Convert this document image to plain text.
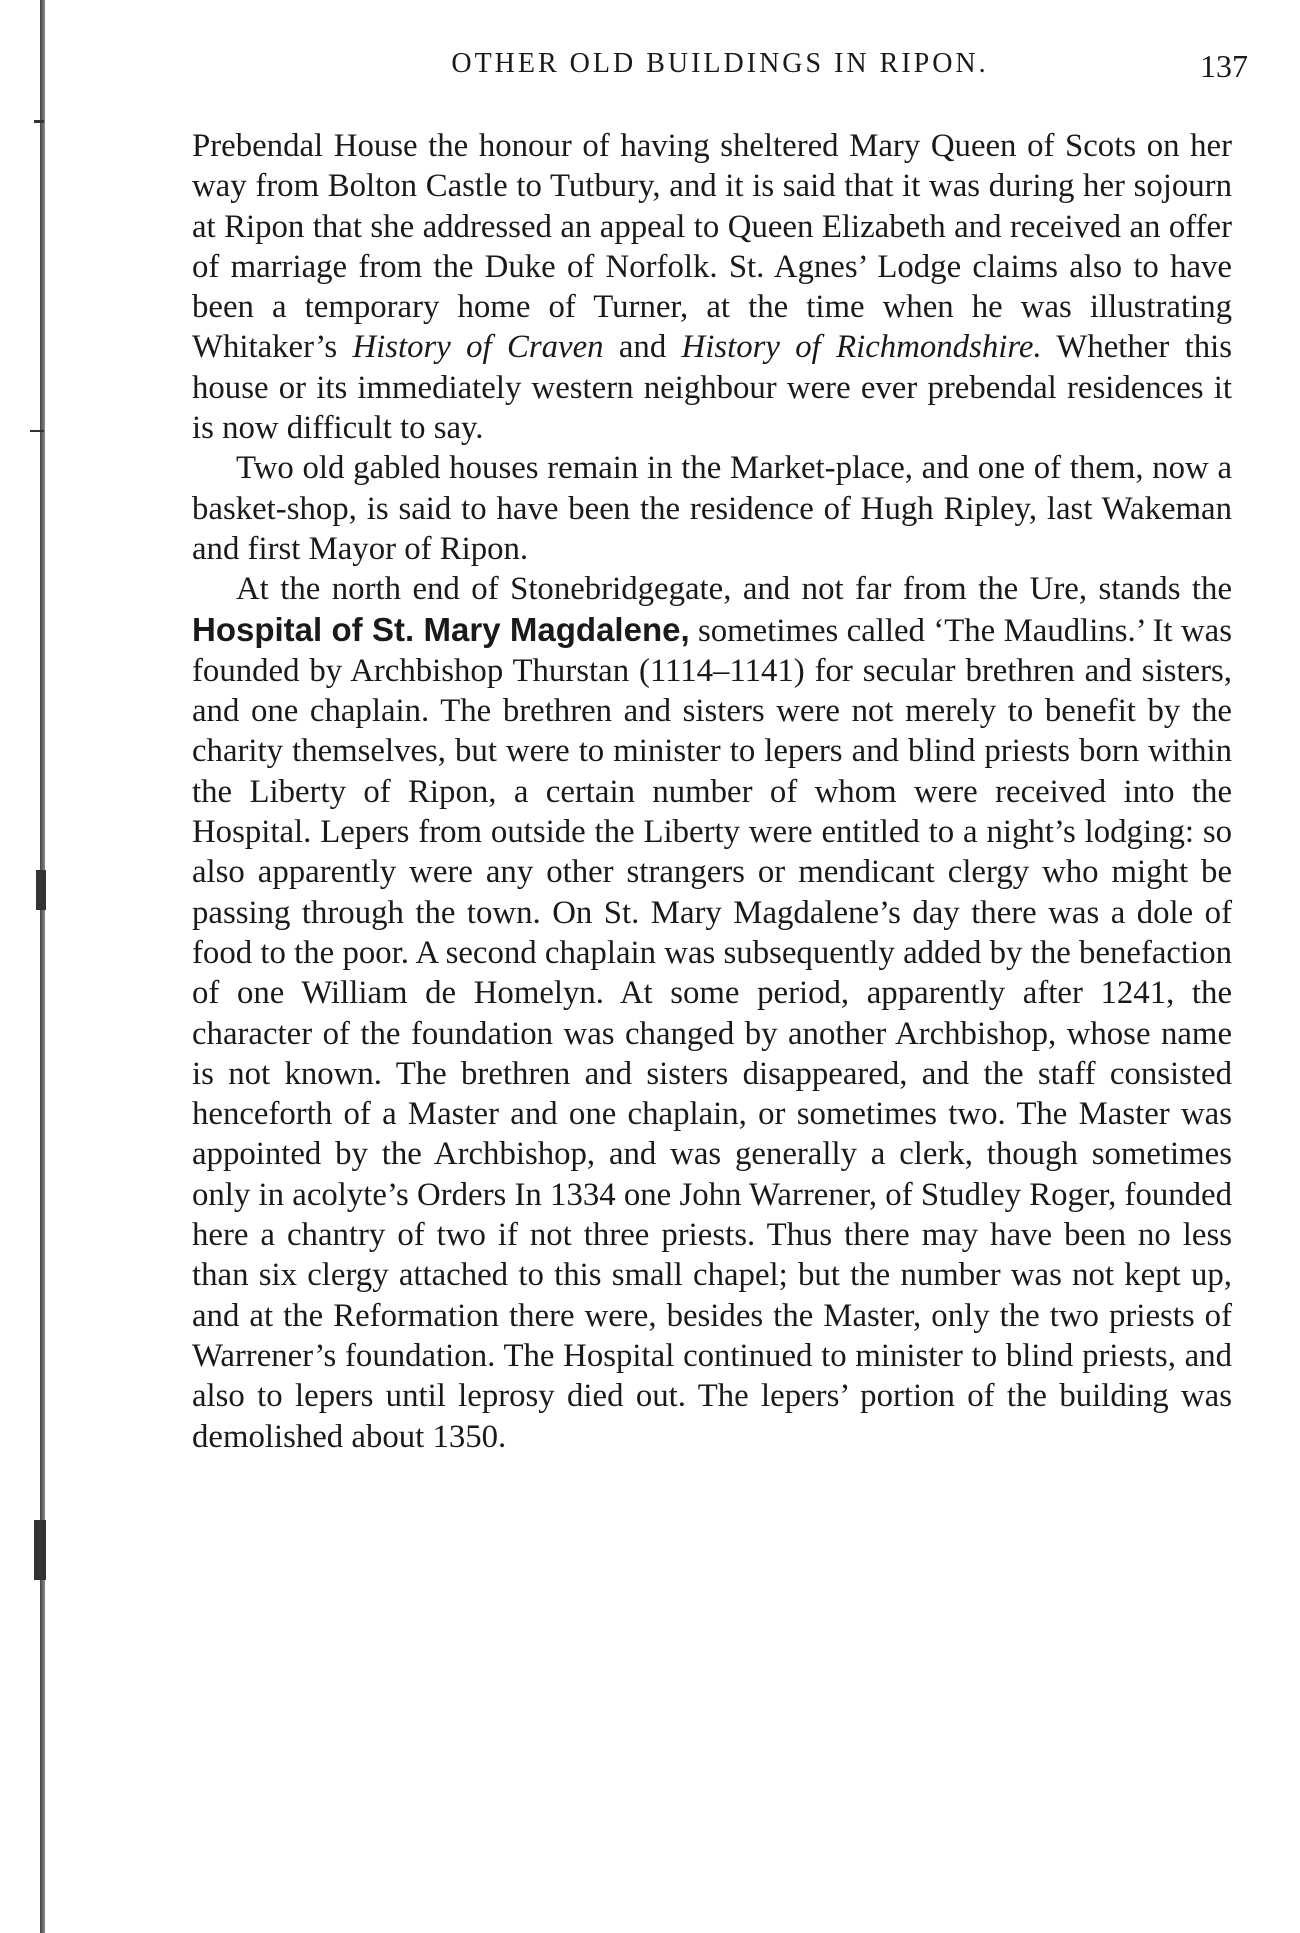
OTHER OLD BUILDINGS IN RIPON.	137

Prebendal House the honour of having sheltered Mary Queen of Scots on her way from Bolton Castle to Tutbury, and it is said that it was during her sojourn at Ripon that she addressed an appeal to Queen Elizabeth and received an offer of marriage from the Duke of Norfolk. St. Agnes’ Lodge claims also to have been a temporary home of Turner, at the time when he was illustrating Whitaker’s History of Craven and History of Richmondshire. Whether this house or its immediately western neighbour were ever prebendal residences it is now difficult to say.

Two old gabled houses remain in the Market-place, and one of them, now a basket-shop, is said to have been the residence of Hugh Ripley, last Wakeman and first Mayor of Ripon.

At the north end of Stonebridgegate, and not far from the Ure, stands the Hospital of St. Mary Magdalene, sometimes called ‘The Maudlins.’ It was founded by Archbishop Thurstan (1114–1141) for secular brethren and sisters, and one chaplain. The brethren and sisters were not merely to benefit by the charity themselves, but were to minister to lepers and blind priests born within the Liberty of Ripon, a certain number of whom were received into the Hospital. Lepers from outside the Liberty were entitled to a night’s lodging: so also apparently were any other strangers or mendicant clergy who might be passing through the town. On St. Mary Magdalene’s day there was a dole of food to the poor. A second chaplain was subsequently added by the benefaction of one William de Homelyn. At some period, apparently after 1241, the character of the foundation was changed by another Archbishop, whose name is not known. The brethren and sisters disappeared, and the staff consisted henceforth of a Master and one chaplain, or sometimes two. The Master was appointed by the Archbishop, and was generally a clerk, though sometimes only in acolyte’s Orders In 1334 one John Warrener, of Studley Roger, founded here a chantry of two if not three priests. Thus there may have been no less than six clergy attached to this small chapel; but the number was not kept up, and at the Reformation there were, besides the Master, only the two priests of Warrener’s foundation. The Hospital continued to minister to blind priests, and also to lepers until leprosy died out. The lepers’ portion of the building was demolished about 1350.
